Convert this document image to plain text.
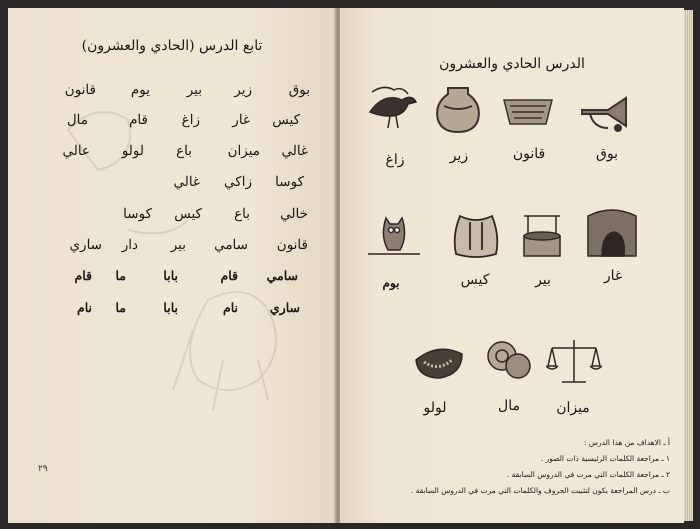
تابع الدرس (الحادي والعشرون)
بوق
زير
بير
يوم
قانون
كيس
غار
زاغ
قام
مال
غالي
ميزان
باع
لولو
عالي
كوسا
زاكي
غالي
خالي
باع
كيس
كوسا
قانون
سامي
بير
دار
ساري
سامي
قام
بابا
ما
قام
ساري
نام
بابا
ما
نام
٢٩
الدرس الحادي والعشرون
بوق
قانون
زير
زاغ
غار
بير
كيس
بوم
ميزان
مال
لولو
أ ـ الاهداف من هذا الدرس :
١ ـ مراجعة الكلمات الرئيسية ذات الصور .
٢ ـ مراجعة الكلمات التي مرت في الدروس السابقة .
ب ـ درس المراجعة يكون لتثبيت الحروف والكلمات التي مرت في الدروس السابقة .
